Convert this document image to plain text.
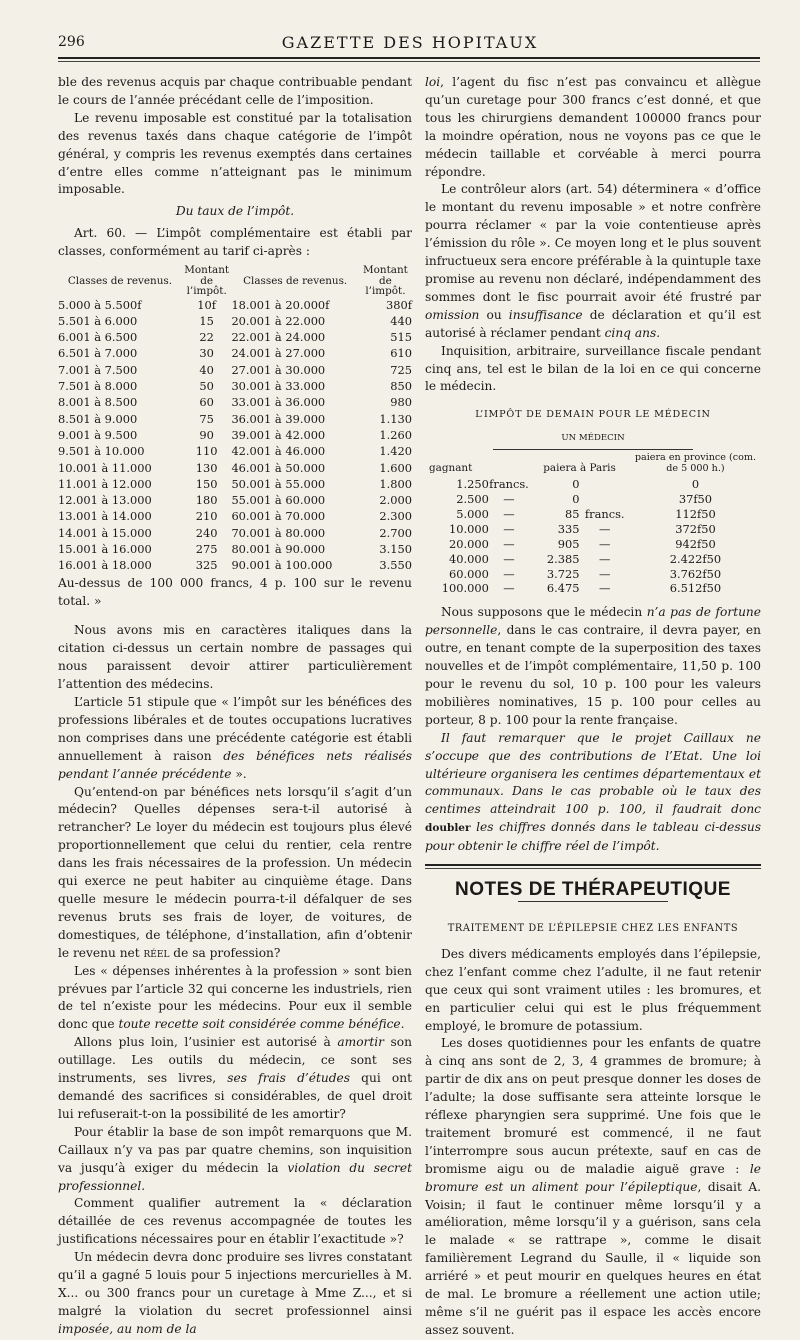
296	GAZETTE DES HOPITAUX

ble des revenus acquis par chaque contribuable pendant le cours de l’année précédant celle de l’imposition.

Le revenu imposable est constitué par la totalisation des revenus taxés dans chaque catégorie de l’impôt général, y compris les revenus exemptés dans certaines d’entre elles comme n’atteignant pas le minimum imposable.

Du taux de l’impôt.

Art. 60. — L’impôt complémentaire est établi par classes, conformément au tarif ci-après :

Classes de revenus.	Montant de l’impôt.	Classes de revenus.	Montant de l’impôt.
5.000 à 5.500f	10f	18.001 à 20.000f	380f
5.501 à 6.000	15	20.001 à 22.000	440
6.001 à 6.500	22	22.001 à 24.000	515
6.501 à 7.000	30	24.001 à 27.000	610
7.001 à 7.500	40	27.001 à 30.000	725
7.501 à 8.000	50	30.001 à 33.000	850
8.001 à 8.500	60	33.001 à 36.000	980
8.501 à 9.000	75	36.001 à 39.000	1.130
9.001 à 9.500	90	39.001 à 42.000	1.260
9.501 à 10.000	110	42.001 à 46.000	1.420
10.001 à 11.000	130	46.001 à 50.000	1.600
11.001 à 12.000	150	50.001 à 55.000	1.800
12.001 à 13.000	180	55.001 à 60.000	2.000
13.001 à 14.000	210	60.001 à 70.000	2.300
14.001 à 15.000	240	70.001 à 80.000	2.700
15.001 à 16.000	275	80.001 à 90.000	3.150
16.001 à 18.000	325	90.001 à 100.000	3.550

Au-dessus de 100 000 francs, 4 p. 100 sur le revenu total. »

Nous avons mis en caractères italiques dans la citation ci-dessus un certain nombre de passages qui nous paraissent devoir attirer particulièrement l’attention des médecins.

L’article 51 stipule que « l’impôt sur les bénéfices des professions libérales et de toutes occupations lucratives non comprises dans une précédente catégorie est établi annuellement à raison des bénéfices nets réalisés pendant l’année précédente ».

Qu’entend-on par bénéfices nets lorsqu’il s’agit d’un médecin? Quelles dépenses sera-t-il autorisé à retrancher? Le loyer du médecin est toujours plus élevé proportionnellement que celui du rentier, cela rentre dans les frais nécessaires de la profession. Un médecin qui exerce ne peut habiter au cinquième étage. Dans quelle mesure le médecin pourra-t-il défalquer de ses revenus bruts ses frais de loyer, de voitures, de domestiques, de téléphone, d’installation, afin d’obtenir le revenu net réel de sa profession?

Les « dépenses inhérentes à la profession » sont bien prévues par l’article 32 qui concerne les industriels, rien de tel n’existe pour les médecins. Pour eux il semble donc que toute recette soit considérée comme bénéfice.

Allons plus loin, l’usinier est autorisé à amortir son outillage. Les outils du médecin, ce sont ses instruments, ses livres, ses frais d’études qui ont demandé des sacrifices si considérables, de quel droit lui refuserait-t-on la possibilité de les amortir?

Pour établir la base de son impôt remarquons que M. Caillaux n’y va pas par quatre chemins, son inquisition va jusqu’à exiger du médecin la violation du secret professionnel.

Comment qualifier autrement la « déclaration détaillée de ces revenus accompagnée de toutes les justifications nécessaires pour en établir l’exactitude »?

Un médecin devra donc produire ses livres constatant qu’il a gagné 5 louis pour 5 injections mercurielles à M. X... ou 300 francs pour un curetage à Mme Z..., et si malgré la violation du secret professionnel ainsi imposée, au nom de la

loi, l’agent du fisc n’est pas convaincu et allègue qu’un curetage pour 300 francs c’est donné, et que tous les chirurgiens demandent 100000 francs pour la moindre opération, nous ne voyons pas ce que le médecin taillable et corvéable à merci pourra répondre.

Le contrôleur alors (art. 54) déterminera « d’office le montant du revenu imposable » et notre confrère pourra réclamer « par la voie contentieuse après l’émission du rôle ». Ce moyen long et le plus souvent infructueux sera encore préférable à la quintuple taxe promise au revenu non déclaré, indépendamment des sommes dont le fisc pourrait avoir été frustré par omission ou insuffisance de déclaration et qu’il est autorisé à réclamer pendant cinq ans.

Inquisition, arbitraire, surveillance fiscale pendant cinq ans, tel est le bilan de la loi en ce qui concerne le médecin.

L’IMPÔT DE DEMAIN POUR LE MÉDECIN
UN MÉDECIN
gagnant		paiera à Paris		paiera en province (com. de 5 000 h.)
1.250	francs.	0		0
2.500	—	0		37f50
5.000	—	85	francs.	112f50
10.000	—	335	—	372f50
20.000	—	905	—	942f50
40.000	—	2.385	—	2.422f50
60.000	—	3.725	—	3.762f50
100.000	—	6.475	—	6.512f50

Nous supposons que le médecin n’a pas de fortune personnelle, dans le cas contraire, il devra payer, en outre, en tenant compte de la superposition des taxes nouvelles et de l’impôt complémentaire, 11,50 p. 100 pour le revenu du sol, 10 p. 100 pour les valeurs mobilières nominatives, 15 p. 100 pour celles au porteur, 8 p. 100 pour la rente française.

Il faut remarquer que le projet Caillaux ne s’occupe que des contributions de l’Etat. Une loi ultérieure organisera les centimes départementaux et communaux. Dans le cas probable où le taux des centimes atteindrait 100 p. 100, il faudrait donc doubler les chiffres donnés dans le tableau ci-dessus pour obtenir le chiffre réel de l’impôt.

NOTES DE THÉRAPEUTIQUE
TRAITEMENT DE L’ÉPILEPSIE CHEZ LES ENFANTS

Des divers médicaments employés dans l’épilepsie, chez l’enfant comme chez l’adulte, il ne faut retenir que ceux qui sont vraiment utiles : les bromures, et en particulier celui qui est le plus fréquemment employé, le bromure de potassium.

Les doses quotidiennes pour les enfants de quatre à cinq ans sont de 2, 3, 4 grammes de bromure; à partir de dix ans on peut presque donner les doses de l’adulte; la dose suffisante sera atteinte lorsque le réflexe pharyngien sera supprimé. Une fois que le traitement bromuré est commencé, il ne faut l’interrompre sous aucun prétexte, sauf en cas de bromisme aigu ou de maladie aiguë grave : le bromure est un aliment pour l’épileptique, disait A. Voisin; il faut le continuer même lorsqu’il y a amélioration, même lorsqu’il y a guérison, sans cela le malade « se rattrape », comme le disait familièrement Legrand du Saulle, il « liquide son arriéré » et peut mourir en quelques heures en état de mal. Le bromure a réellement une action utile; même s’il ne guérit pas il espace les accès encore assez souvent.
